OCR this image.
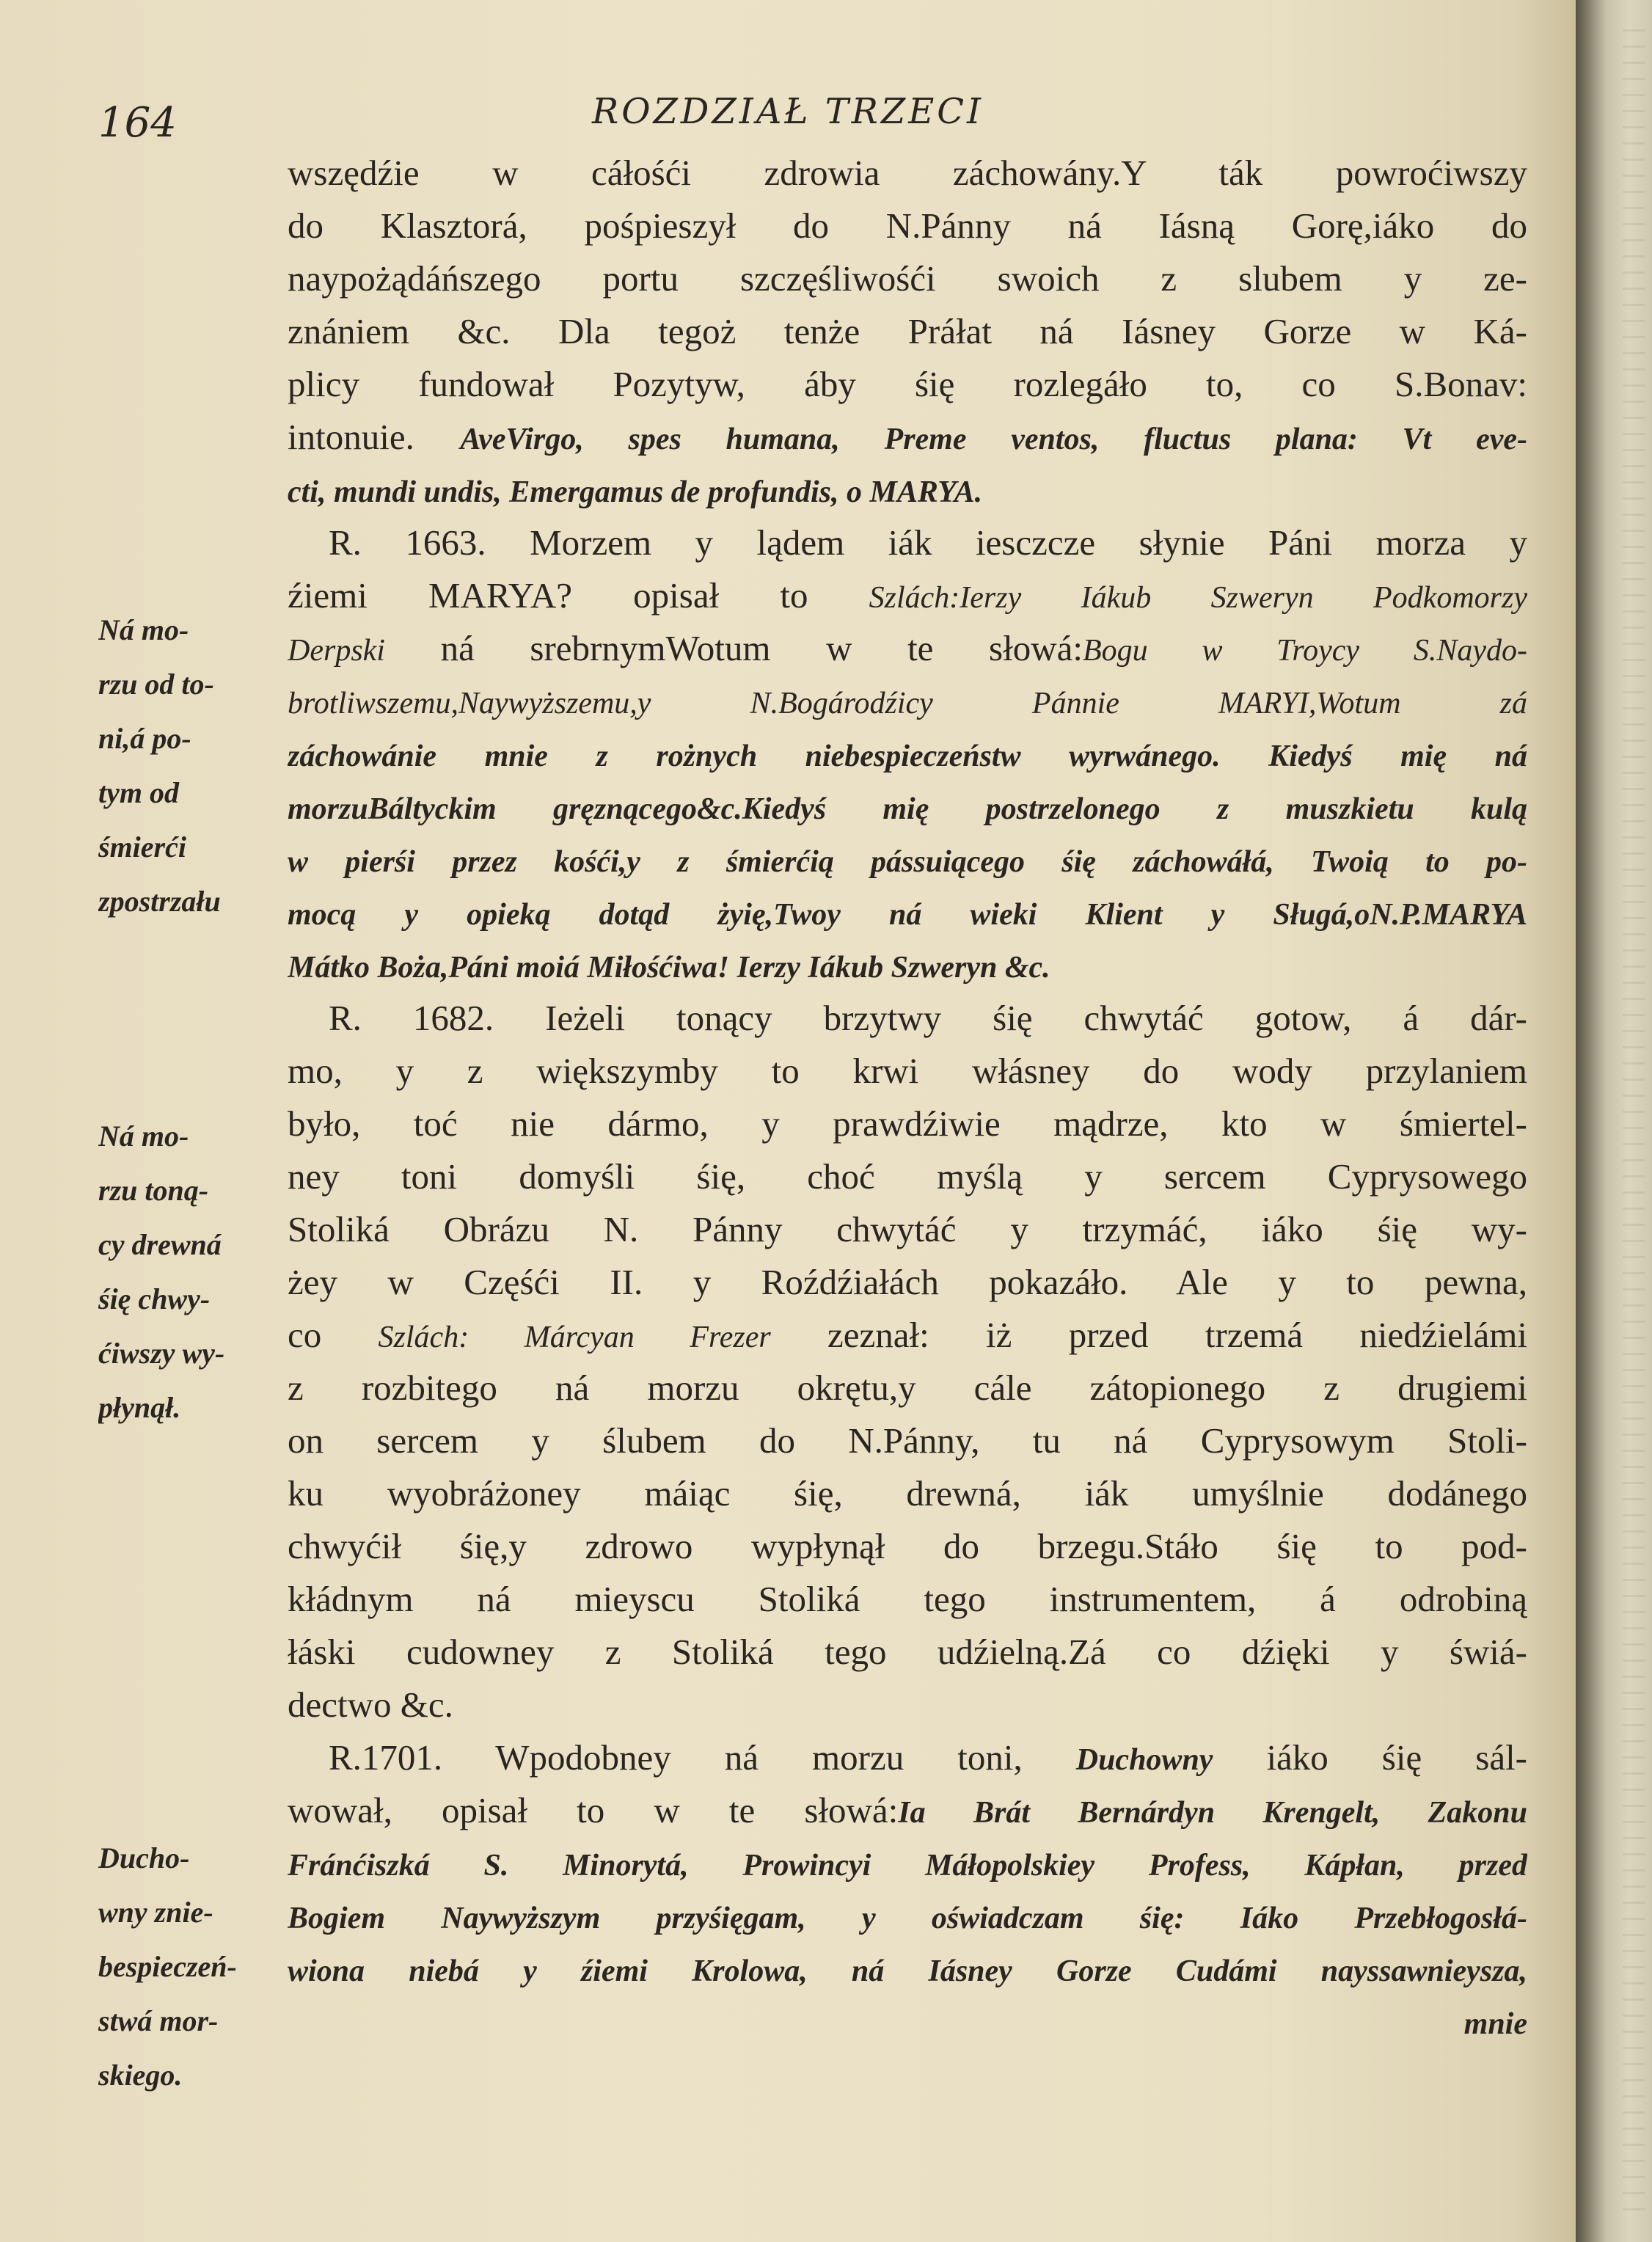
164	ROZDZIAŁ TRZECI

Ná mo-
rzu od to-
ni,á po-
tym od
śmierći
zpostrzału
Ná mo-
rzu toną-
cy drewná
śię chwy-
ćiwszy wy-
płynął.
Ducho-
wny znie-
bespieczeń-
stwá mor-
skiego.
wszędźie w cáłośći zdrowia záchowány.Y ták powroćiwszy
do Klasztorá, pośpieszył do N.Pánny ná Iásną Gorę,iáko do
naypożądáńszego portu szczęśliwośći swoich z slubem y ze-
znániem &c. Dla tegoż tenże Práłat ná Iásney Gorze w Ká-
plicy fundował Pozytyw, áby śię rozlegáło to, co S.Bonav:
intonuie. AveVirgo, spes humana, Preme ventos, fluctus plana: Vt eve-
cti, mundi undis, Emergamus de profundis, o MARYA.
R. 1663. Morzem y lądem iák iesczcze słynie Páni morza y
źiemi MARYA? opisał to Szlách:Ierzy Iákub Szweryn Podkomorzy
Derpski ná srebrnymWotum w te słowá:Bogu w Troycy S.Naydo-
brotliwszemu,Naywyższemu,y N.Bogárodźicy Pánnie MARYI,Wotum zá
záchowánie mnie z rożnych niebespieczeństw wyrwánego. Kiedyś mię ná
morzuBáltyckim gręznącego&c.Kiedyś mię postrzelonego z muszkietu kulą
w pierśi przez kośći,y z śmierćią pássuiącego śię záchowáłá, Twoią to po-
mocą y opieką dotąd żyię,Twoy ná wieki Klient y Sługá,oN.P.MARYA
Mátko Boża,Páni moiá Miłośćiwa! Ierzy Iákub Szweryn &c.
R. 1682. Ieżeli tonący brzytwy śię chwytáć gotow, á dár-
mo, y z większymby to krwi włásney do wody przylaniem
było, toć nie dármo, y prawdźiwie mądrze, kto w śmiertel-
ney toni domyśli śię, choć myślą y sercem Cyprysowego
Stoliká Obrázu N. Pánny chwytáć y trzymáć, iáko śię wy-
żey w Częśći II. y Roźdźiałách pokazáło. Ale y to pewna,
co Szlách: Márcyan Frezer zeznał: iż przed trzemá niedźielámi
z rozbitego ná morzu okrętu,y cále zátopionego z drugiemi
on sercem y ślubem do N.Pánny, tu ná Cyprysowym Stoli-
ku wyobráżoney máiąc śię, drewná, iák umyślnie dodánego
chwyćił śię,y zdrowo wypłynął do brzegu.Stáło śię to pod-
kłádnym ná mieyscu Stoliká tego instrumentem, á odrobiną
łáski cudowney z Stoliká tego udźielną.Zá co dźięki y świá-
dectwo &c.
R.1701. Wpodobney ná morzu toni, Duchowny iáko śię sál-
wował, opisał to w te słowá:Ia Brát Bernárdyn Krengelt, Zakonu
Fránćiszká S. Minorytá, Prowincyi Máłopolskiey Profess, Kápłan, przed
Bogiem Naywyższym przyśięgam, y oświadczam śię: Iáko Przebłogosłá-
wiona niebá y źiemi Krolowa, ná Iásney Gorze Cudámi nayssawnieysza,
mnie
